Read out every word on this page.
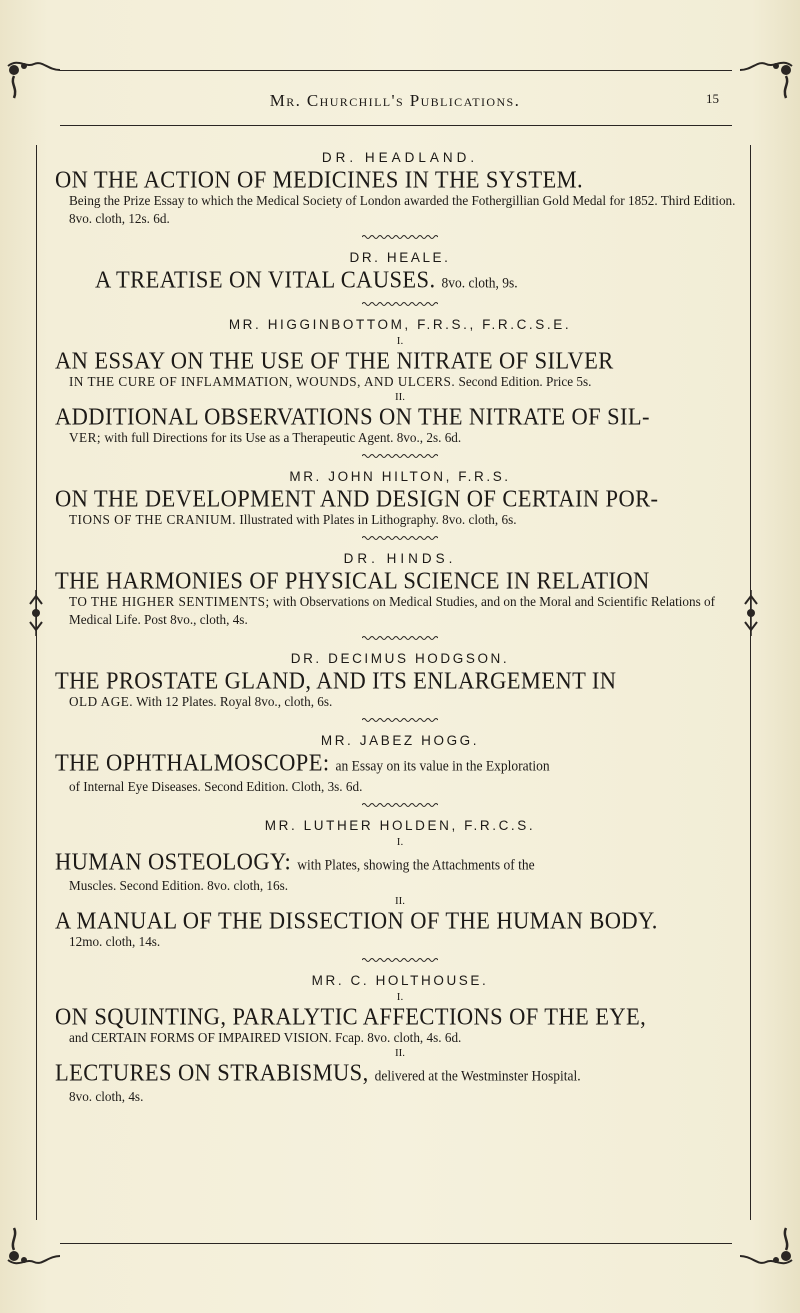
Mr. Churchill's Publications.	15

DR. HEADLAND.

ON THE ACTION OF MEDICINES IN THE SYSTEM.

Being the Prize Essay to which the Medical Society of London awarded the Fothergillian Gold Medal for 1852. Third Edition. 8vo. cloth, 12s. 6d.

DR. HEALE.

A TREATISE ON VITAL CAUSES. 8vo. cloth, 9s.

MR. HIGGINBOTTOM, F.R.S., F.R.C.S.E.

I.

AN ESSAY ON THE USE OF THE NITRATE OF SILVER

IN THE CURE OF INFLAMMATION, WOUNDS, AND ULCERS. Second Edition. Price 5s.

II.

ADDITIONAL OBSERVATIONS ON THE NITRATE OF SIL-

VER; with full Directions for its Use as a Therapeutic Agent. 8vo., 2s. 6d.

MR. JOHN HILTON, F.R.S.

ON THE DEVELOPMENT AND DESIGN OF CERTAIN POR-

TIONS OF THE CRANIUM. Illustrated with Plates in Lithography. 8vo. cloth, 6s.

DR. HINDS.

THE HARMONIES OF PHYSICAL SCIENCE IN RELATION

TO THE HIGHER SENTIMENTS; with Observations on Medical Studies, and on the Moral and Scientific Relations of Medical Life. Post 8vo., cloth, 4s.

DR. DECIMUS HODGSON.

THE PROSTATE GLAND, AND ITS ENLARGEMENT IN

OLD AGE. With 12 Plates. Royal 8vo., cloth, 6s.

MR. JABEZ HOGG.

THE OPHTHALMOSCOPE: an Essay on its value in the Exploration

of Internal Eye Diseases. Second Edition. Cloth, 3s. 6d.

MR. LUTHER HOLDEN, F.R.C.S.

I.

HUMAN OSTEOLOGY: with Plates, showing the Attachments of the

Muscles. Second Edition. 8vo. cloth, 16s.

II.

A MANUAL OF THE DISSECTION OF THE HUMAN BODY.

12mo. cloth, 14s.

MR. C. HOLTHOUSE.

I.

ON SQUINTING, PARALYTIC AFFECTIONS OF THE EYE,

and CERTAIN FORMS OF IMPAIRED VISION. Fcap. 8vo. cloth, 4s. 6d.

II.

LECTURES ON STRABISMUS, delivered at the Westminster Hospital.

8vo. cloth, 4s.
